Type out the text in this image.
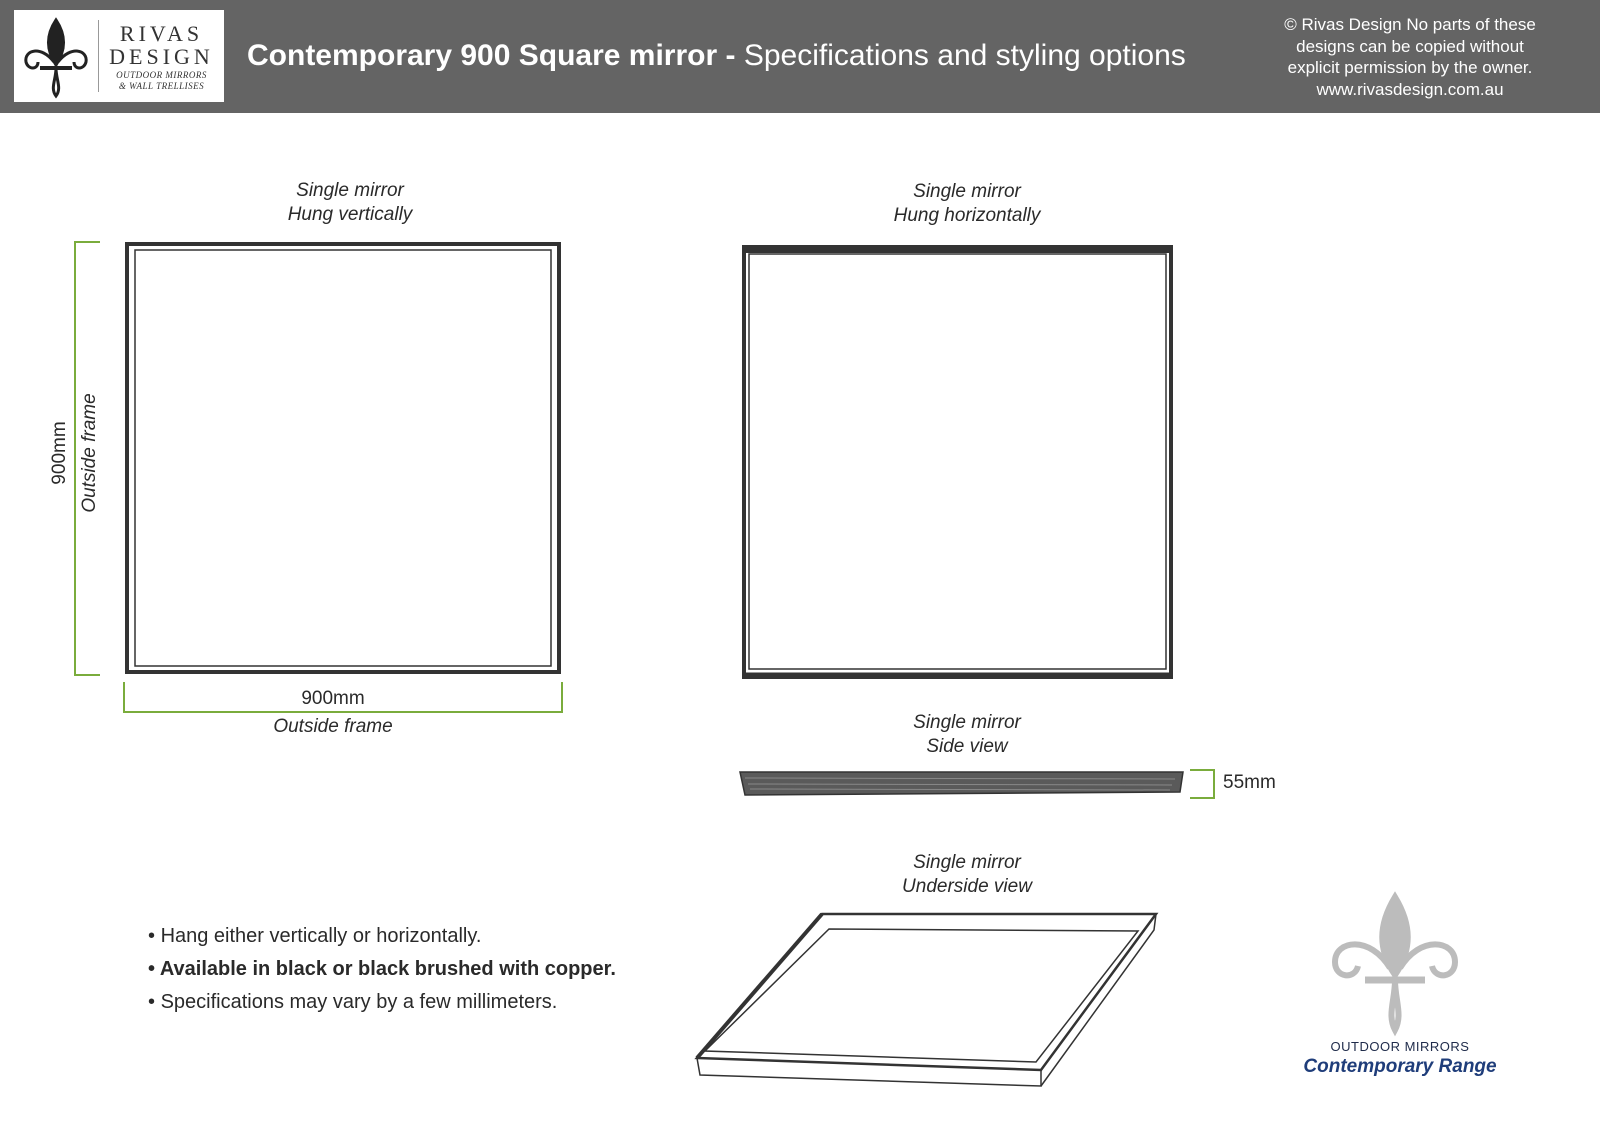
RIVAS
DESIGN
OUTDOOR MIRRORS
& WALL TRELLISES
Contemporary 900 Square mirror - Specifications and styling options
© Rivas Design No parts of these
designs can be copied without
explicit permission by the owner.
www.rivasdesign.com.au
Single mirror
Hung vertically
Single mirror
Hung horizontally
Single mirror
Side view
Single mirror
Underside view
900mm Outside frame
900mm
Outside frame
55mm
• Hang either vertically or horizontally.
• Available in black or black brushed with copper.
• Specifications may vary by a few millimeters.
OUTDOOR MIRRORS
Contemporary Range
